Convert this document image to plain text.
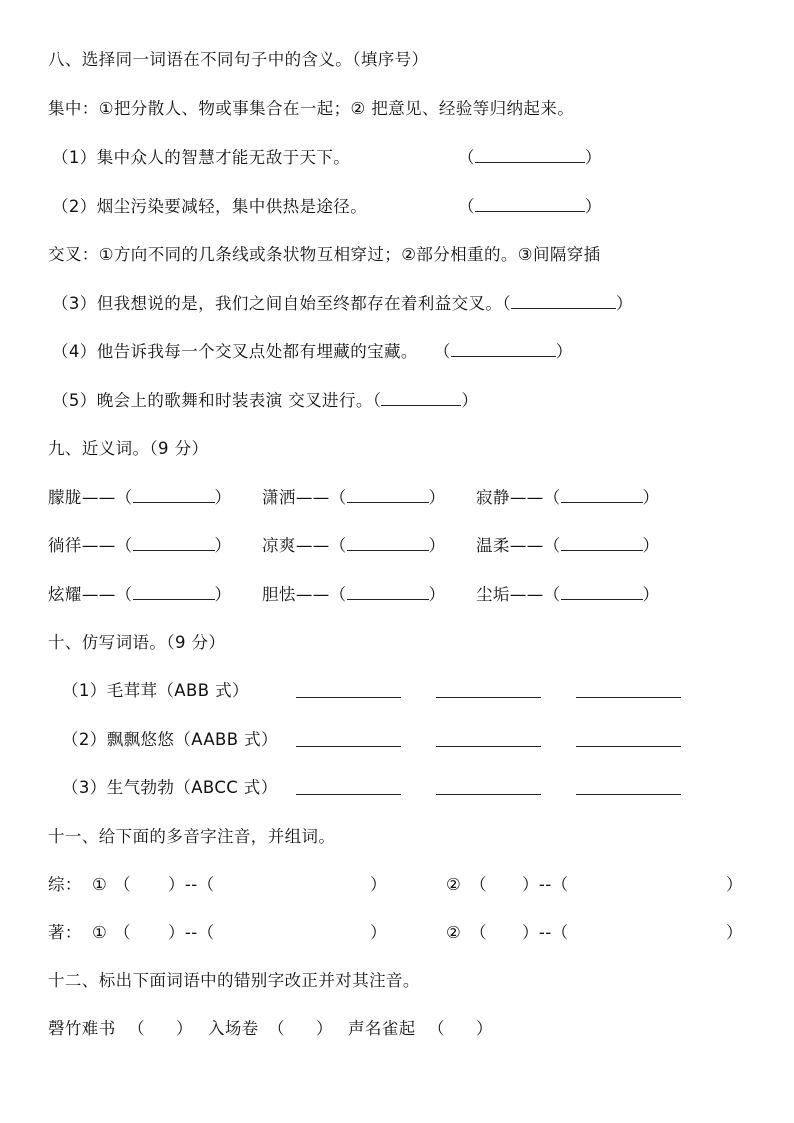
八、选择同一词语在不同句子中的含义。（填序号）
集中：①把分散人、物或事集合在一起；② 把意见、经验等归纳起来。
（1）集中众人的智慧才能无敌于天下。	（	）
（2）烟尘污染要减轻，集中供热是途径。	（	）
交叉：①方向不同的几条线或条状物互相穿过；②部分相重的。③间隔穿插
（3）但我想说的是，我们之间自始至终都存在着利益交叉。（	）
（4）他告诉我每一个交叉点处都有埋藏的宝藏。 （	）
（5）晚会上的歌舞和时装表演 交叉进行。（	）
九、近义词。（9 分）
朦胧——（	） 潇洒——（	） 寂静——（	）
徜徉——（	） 凉爽——（	） 温柔——（	）
炫耀——（	） 胆怯——（	） 尘垢——（	）
十、仿写词语。（9 分）
（1）毛茸茸（ABB 式）
（2）飘飘悠悠（AABB 式）
（3）生气勃勃（ABCC 式）
十一、给下面的多音字注音，并组词。
综： ① （ ）--（	）	② （ ）--（	）
著： ① （ ）--（	）	② （ ）--（	）
十二、标出下面词语中的错别字改正并对其注音。
磬竹难书 （ ） 入场卷 （ ） 声名雀起 （ ）
